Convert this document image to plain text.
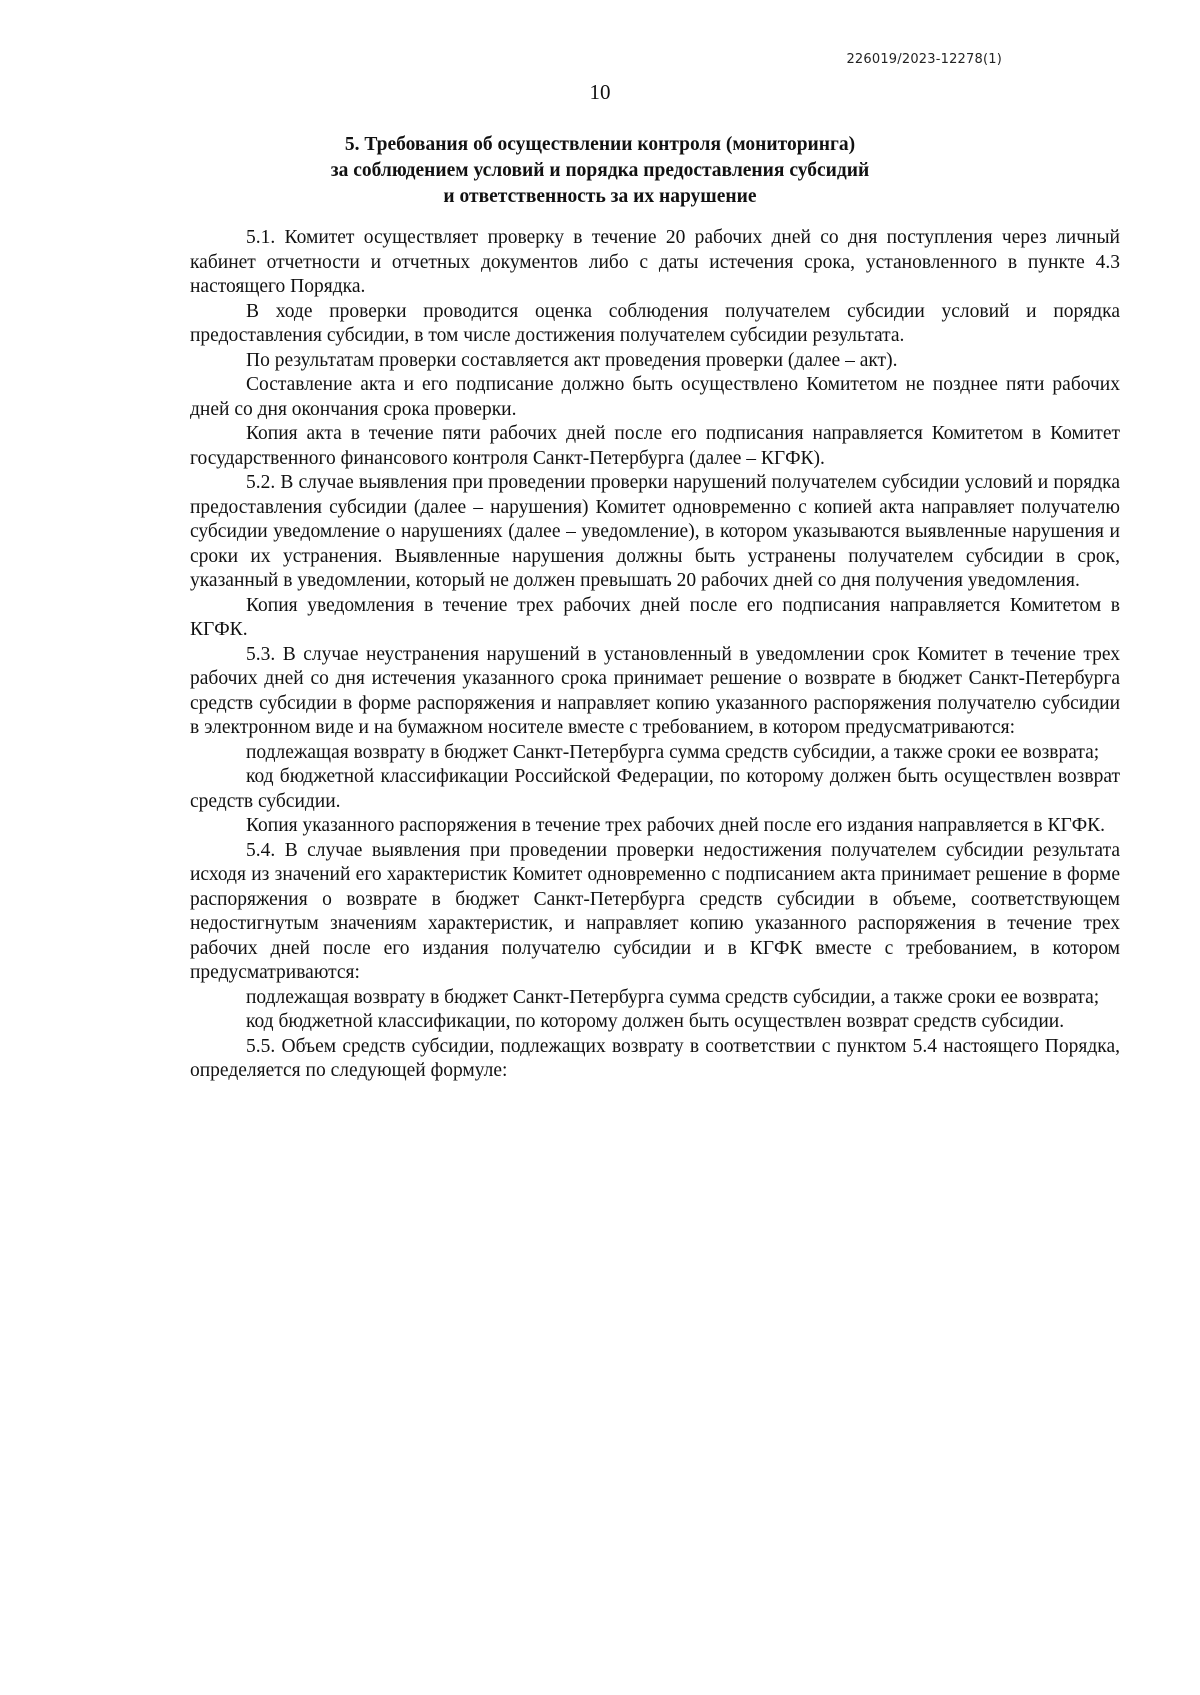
226019/2023-12278(1)
10
5. Требования об осуществлении контроля (мониторинга)
за соблюдением условий и порядка предоставления субсидий
и ответственность за их нарушение

5.1. Комитет осуществляет проверку в течение 20 рабочих дней со дня поступления через личный кабинет отчетности и отчетных документов либо с даты истечения срока, установленного в пункте 4.3 настоящего Порядка.

В ходе проверки проводится оценка соблюдения получателем субсидии условий и порядка предоставления субсидии, в том числе достижения получателем субсидии результата.

По результатам проверки составляется акт проведения проверки (далее – акт).

Составление акта и его подписание должно быть осуществлено Комитетом не позднее пяти рабочих дней со дня окончания срока проверки.

Копия акта в течение пяти рабочих дней после его подписания направляется Комитетом в Комитет государственного финансового контроля Санкт-Петербурга (далее – КГФК).

5.2. В случае выявления при проведении проверки нарушений получателем субсидии условий и порядка предоставления субсидии (далее – нарушения) Комитет одновременно с копией акта направляет получателю субсидии уведомление о нарушениях (далее – уведомление), в котором указываются выявленные нарушения и сроки их устранения. Выявленные нарушения должны быть устранены получателем субсидии в срок, указанный в уведомлении, который не должен превышать 20 рабочих дней со дня получения уведомления.

Копия уведомления в течение трех рабочих дней после его подписания направляется Комитетом в КГФК.

5.3. В случае неустранения нарушений в установленный в уведомлении срок Комитет в течение трех рабочих дней со дня истечения указанного срока принимает решение о возврате в бюджет Санкт-Петербурга средств субсидии в форме распоряжения и направляет копию указанного распоряжения получателю субсидии в электронном виде и на бумажном носителе вместе с требованием, в котором предусматриваются:

подлежащая возврату в бюджет Санкт-Петербурга сумма средств субсидии, а также сроки ее возврата;

код бюджетной классификации Российской Федерации, по которому должен быть осуществлен возврат средств субсидии.

Копия указанного распоряжения в течение трех рабочих дней после его издания направляется в КГФК.

5.4. В случае выявления при проведении проверки недостижения получателем субсидии результата исходя из значений его характеристик Комитет одновременно с подписанием акта принимает решение в форме распоряжения о возврате в бюджет Санкт-Петербурга средств субсидии в объеме, соответствующем недостигнутым значениям характеристик, и направляет копию указанного распоряжения в течение трех рабочих дней после его издания получателю субсидии и в КГФК вместе с требованием, в котором предусматриваются:

подлежащая возврату в бюджет Санкт-Петербурга сумма средств субсидии, а также сроки ее возврата;

код бюджетной классификации, по которому должен быть осуществлен возврат средств субсидии.

5.5. Объем средств субсидии, подлежащих возврату в соответствии с пунктом 5.4 настоящего Порядка, определяется по следующей формуле:
